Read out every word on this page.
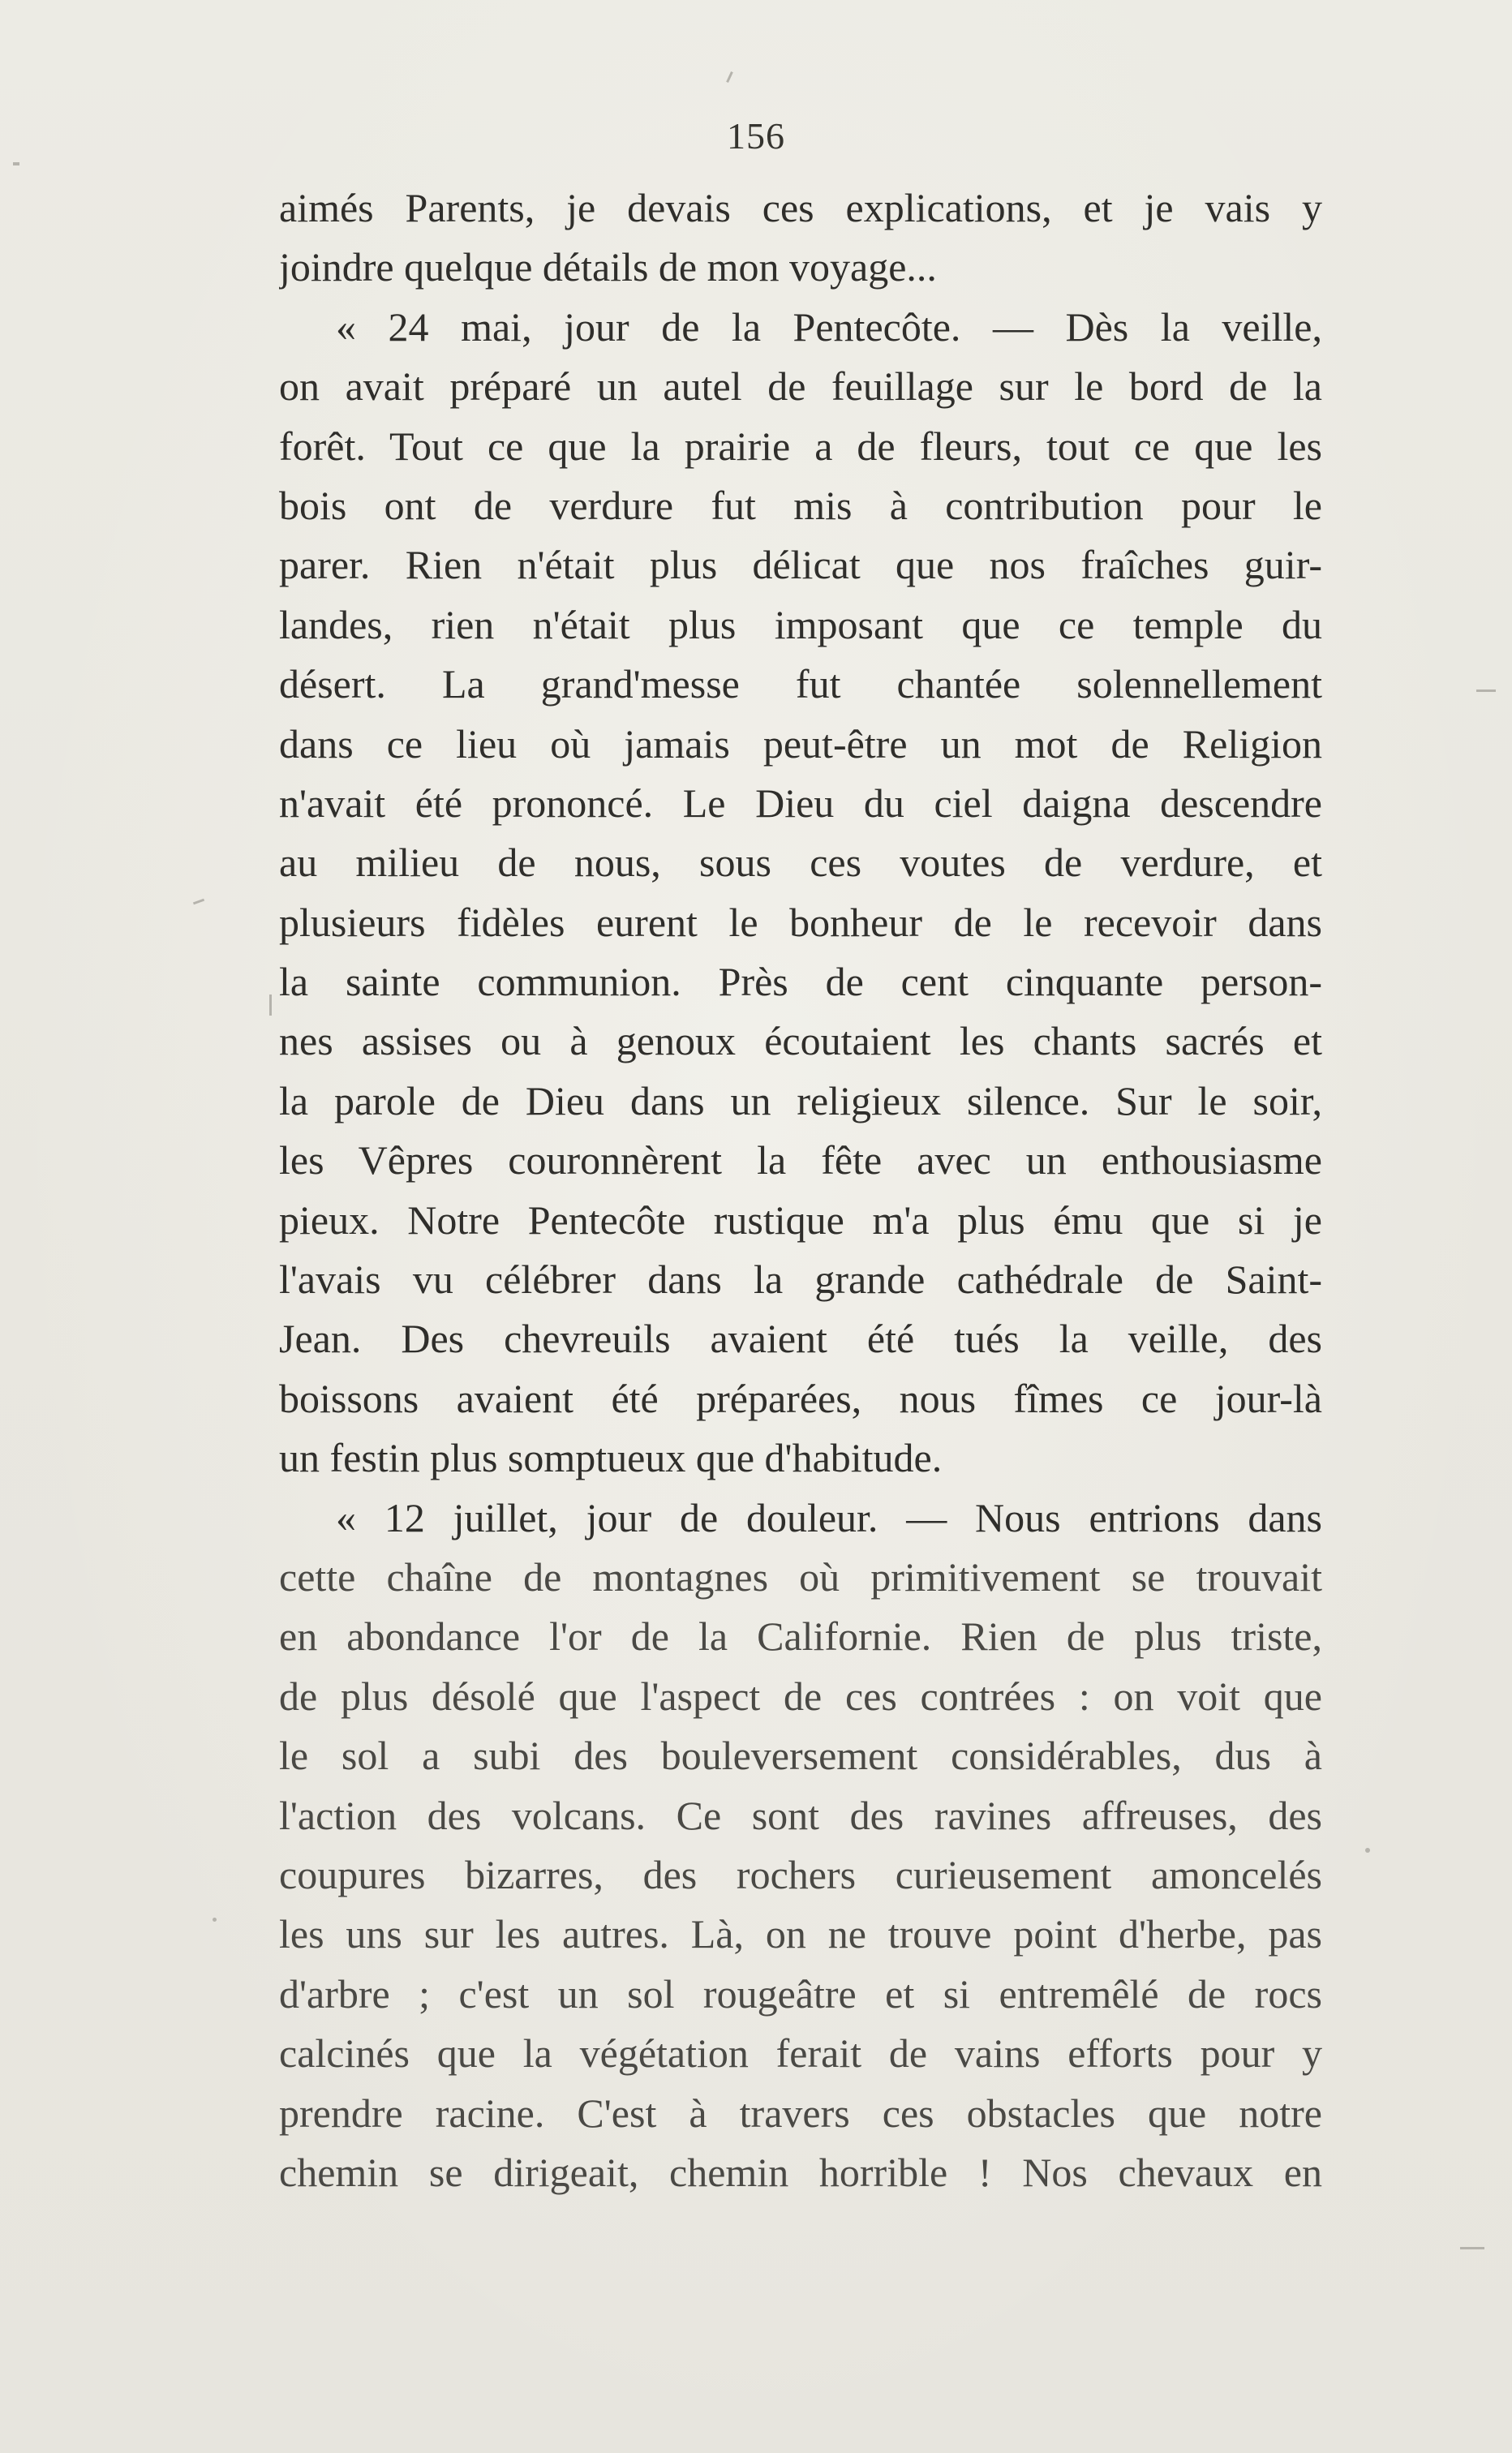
156
aimés Parents, je devais ces explications, et je vais y
joindre quelque détails de mon voyage...
« 24 mai, jour de la Pentecôte. — Dès la veille,
on avait préparé un autel de feuillage sur le bord de la
forêt. Tout ce que la prairie a de fleurs, tout ce que les
bois ont de verdure fut mis à contribution pour le
parer. Rien n'était plus délicat que nos fraîches guir-
landes, rien n'était plus imposant que ce temple du
désert. La grand'messe fut chantée solennellement
dans ce lieu où jamais peut-être un mot de Religion
n'avait été prononcé. Le Dieu du ciel daigna descendre
au milieu de nous, sous ces voutes de verdure, et
plusieurs fidèles eurent le bonheur de le recevoir dans
la sainte communion. Près de cent cinquante person-
nes assises ou à genoux écoutaient les chants sacrés et
la parole de Dieu dans un religieux silence. Sur le soir,
les Vêpres couronnèrent la fête avec un enthousiasme
pieux. Notre Pentecôte rustique m'a plus ému que si je
l'avais vu célébrer dans la grande cathédrale de Saint-
Jean. Des chevreuils avaient été tués la veille, des
boissons avaient été préparées, nous fîmes ce jour-là
un festin plus somptueux que d'habitude.
« 12 juillet, jour de douleur. — Nous entrions dans
cette chaîne de montagnes où primitivement se trouvait
en abondance l'or de la Californie. Rien de plus triste,
de plus désolé que l'aspect de ces contrées : on voit que
le sol a subi des bouleversement considérables, dus à
l'action des volcans. Ce sont des ravines affreuses, des
coupures bizarres, des rochers curieusement amoncelés
les uns sur les autres. Là, on ne trouve point d'herbe, pas
d'arbre ; c'est un sol rougeâtre et si entremêlé de rocs
calcinés que la végétation ferait de vains efforts pour y
prendre racine. C'est à travers ces obstacles que notre
chemin se dirigeait, chemin horrible ! Nos chevaux en
